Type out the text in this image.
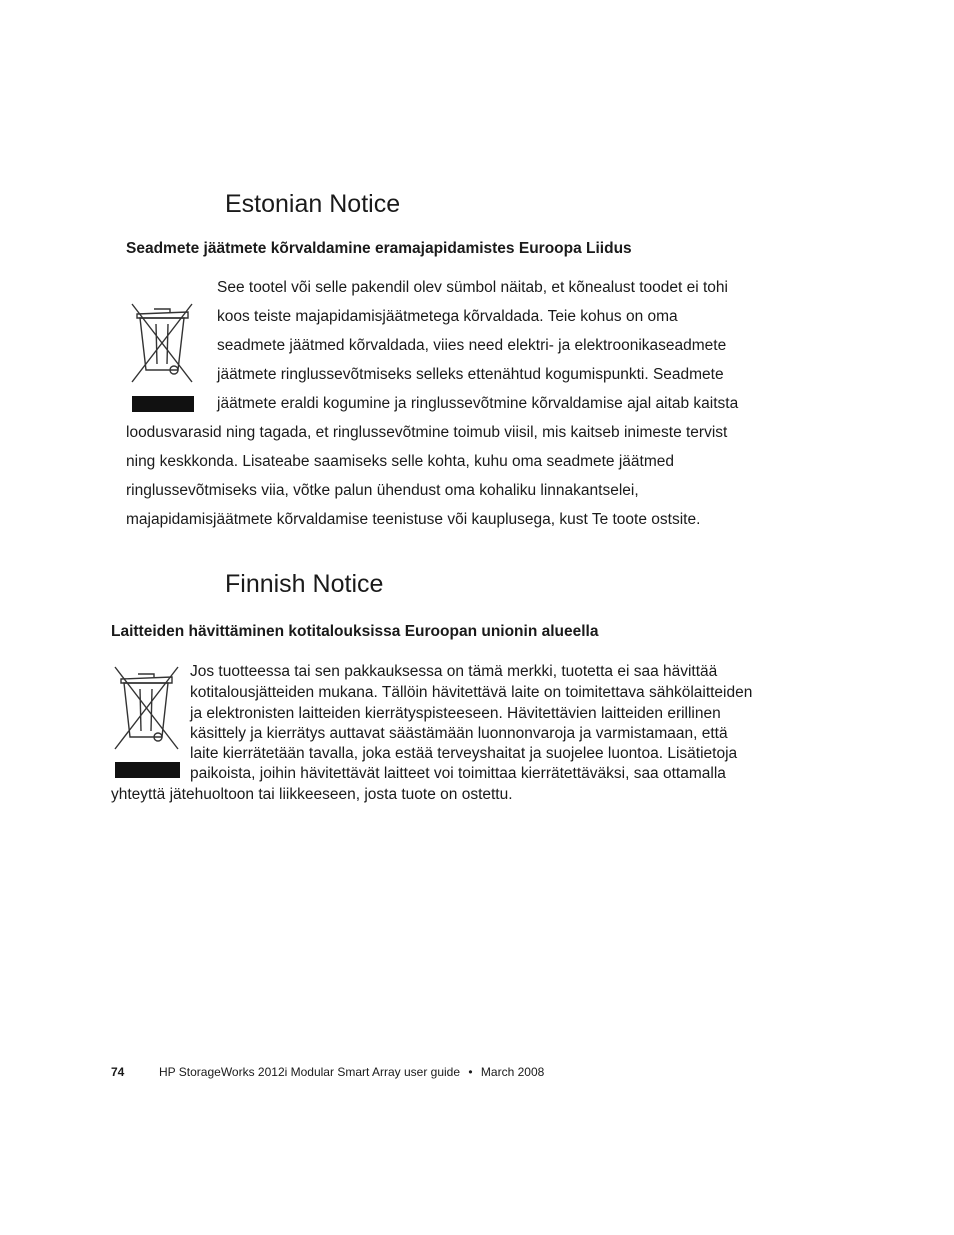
Estonian Notice
Seadmete jäätmete kõrvaldamine eramajapidamistes Euroopa Liidus
See tootel või selle pakendil olev sümbol näitab, et kõnealust toodet ei tohi
koos teiste majapidamisjäätmetega kõrvaldada. Teie kohus on oma
seadmete jäätmed kõrvaldada, viies need elektri- ja elektroonikaseadmete
jäätmete ringlussevõtmiseks selleks ettenähtud kogumispunkti. Seadmete
jäätmete eraldi kogumine ja ringlussevõtmine kõrvaldamise ajal aitab kaitsta
loodusvarasid ning tagada, et ringlussevõtmine toimub viisil, mis kaitseb inimeste tervist
ning keskkonda. Lisateabe saamiseks selle kohta, kuhu oma seadmete jäätmed
ringlussevõtmiseks viia, võtke palun ühendust oma kohaliku linnakantselei,
majapidamisjäätmete kõrvaldamise teenistuse või kauplusega, kust Te toote ostsite.
Finnish Notice
Laitteiden hävittäminen kotitalouksissa Euroopan unionin alueella
Jos tuotteessa tai sen pakkauksessa on tämä merkki, tuotetta ei saa hävittää
kotitalousjätteiden mukana. Tällöin hävitettävä laite on toimitettava sähkölaitteiden
ja elektronisten laitteiden kierrätyspisteeseen. Hävitettävien laitteiden erillinen
käsittely ja kierrätys auttavat säästämään luonnonvaroja ja varmistamaan, että
laite kierrätetään tavalla, joka estää terveyshaitat ja suojelee luontoa. Lisätietoja
paikoista, joihin hävitettävät laitteet voi toimittaa kierrätettäväksi, saa ottamalla
yhteyttä jätehuoltoon tai liikkeeseen, josta tuote on ostettu.
74	HP StorageWorks 2012i Modular Smart Array user guide • March 2008
